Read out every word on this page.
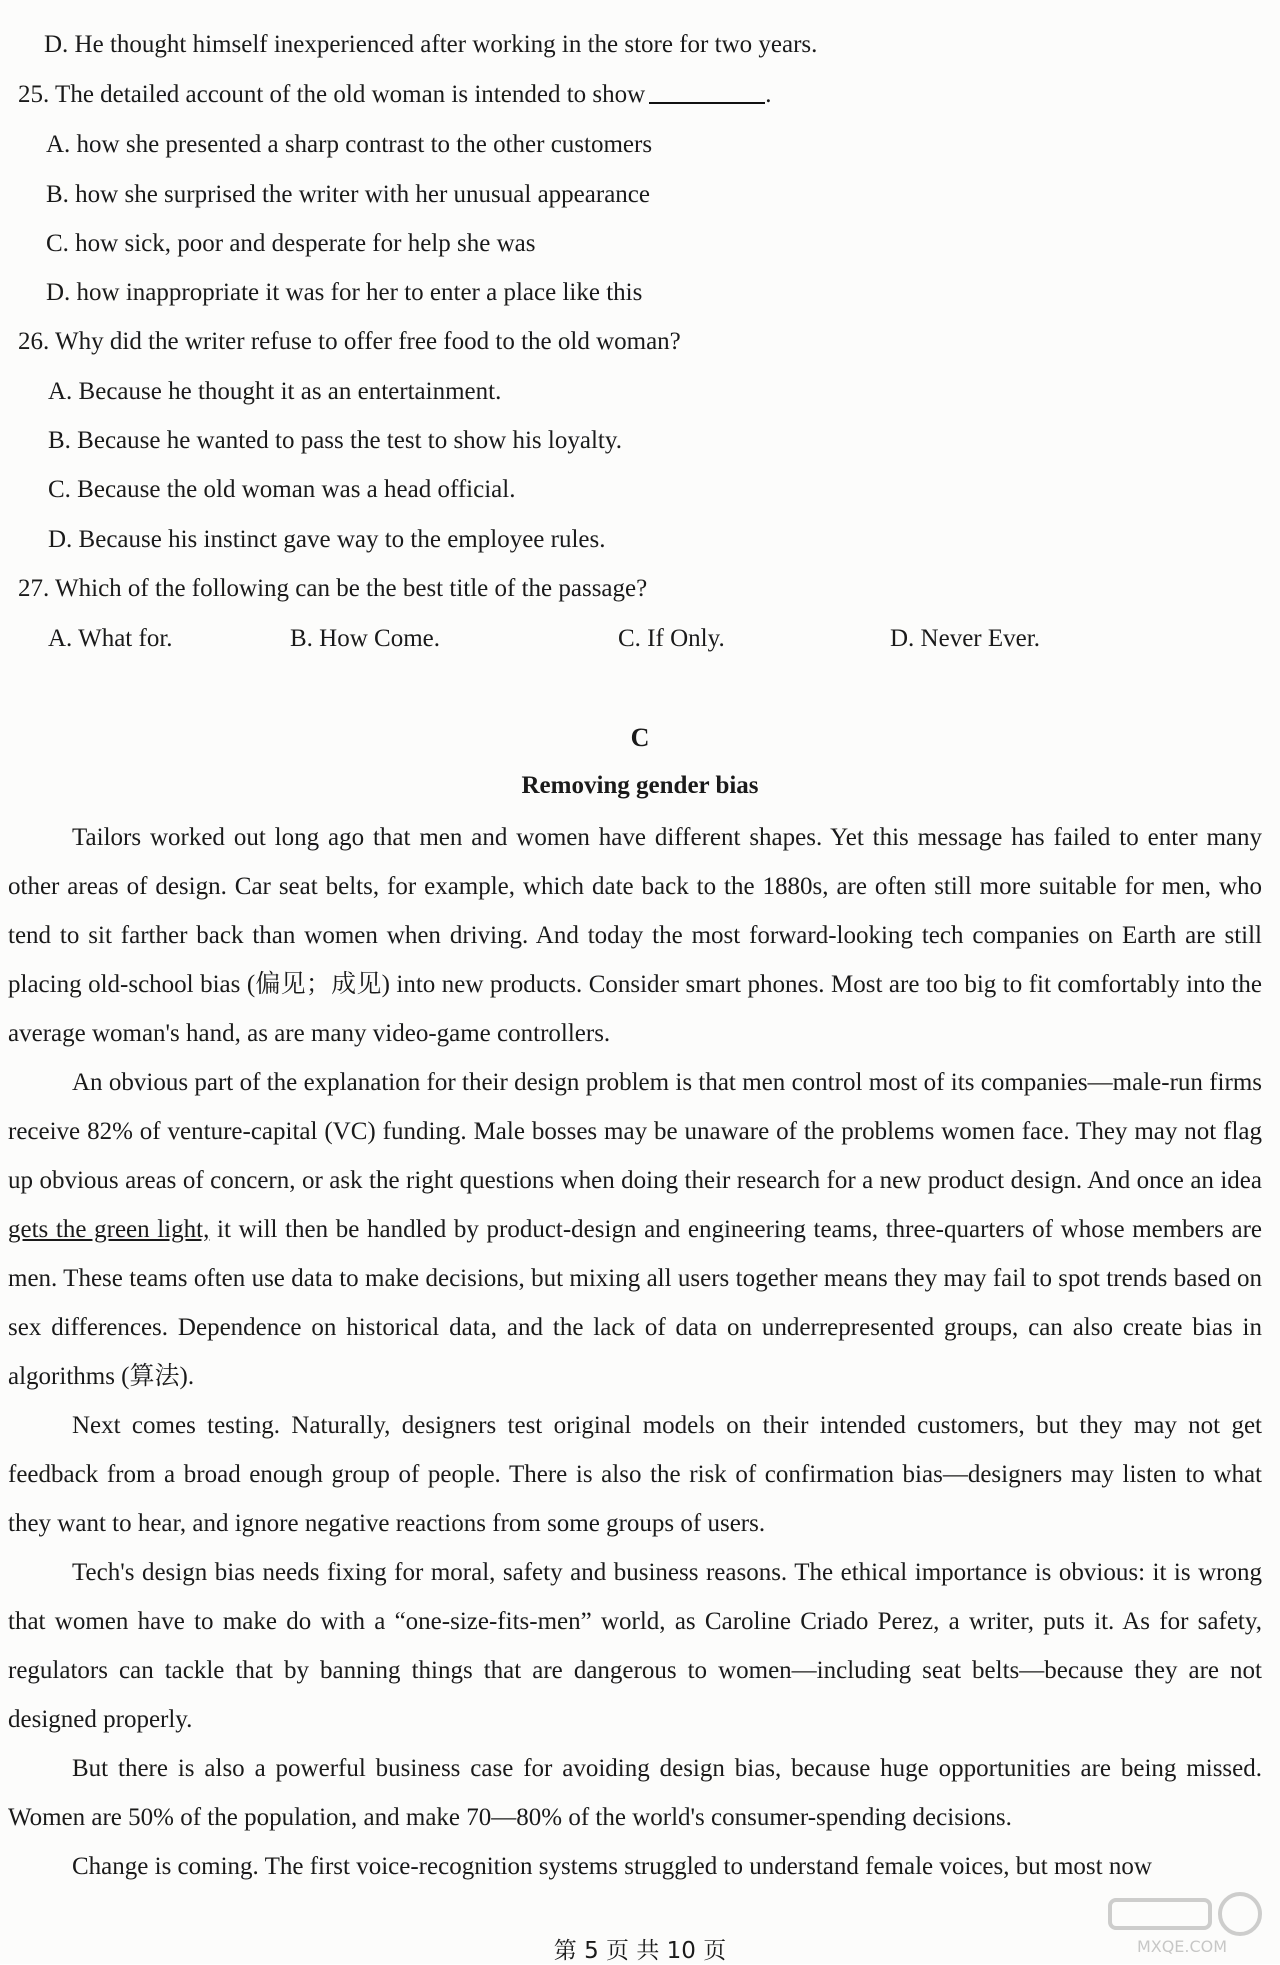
D. He thought himself inexperienced after working in the store for two years.
25. The detailed account of the old woman is intended to show	.
A. how she presented a sharp contrast to the other customers
B. how she surprised the writer with her unusual appearance
C. how sick, poor and desperate for help she was
D. how inappropriate it was for her to enter a place like this
26. Why did the writer refuse to offer free food to the old woman?
A. Because he thought it as an entertainment.
B. Because he wanted to pass the test to show his loyalty.
C. Because the old woman was a head official.
D. Because his instinct gave way to the employee rules.
27. Which of the following can be the best title of the passage?
A. What for.	B. How Come.	C. If Only.	D. Never Ever.
C
Removing gender bias
Tailors worked out long ago that men and women have different shapes. Yet this message has failed to enter many other areas of design. Car seat belts, for example, which date back to the 1880s, are often still more suitable for men, who tend to sit farther back than women when driving. And today the most forward-looking tech companies on Earth are still placing old-school bias (偏见；成见) into new products. Consider smart phones. Most are too big to fit comfortably into the average woman's hand, as are many video-game controllers.
An obvious part of the explanation for their design problem is that men control most of its companies—male-run firms receive 82% of venture-capital (VC) funding. Male bosses may be unaware of the problems women face. They may not flag up obvious areas of concern, or ask the right questions when doing their research for a new product design. And once an idea gets the green light, it will then be handled by product-design and engineering teams, three-quarters of whose members are men. These teams often use data to make decisions, but mixing all users together means they may fail to spot trends based on sex differences. Dependence on historical data, and the lack of data on underrepresented groups, can also create bias in algorithms (算法).
Next comes testing. Naturally, designers test original models on their intended customers, but they may not get feedback from a broad enough group of people. There is also the risk of confirmation bias—designers may listen to what they want to hear, and ignore negative reactions from some groups of users.
Tech's design bias needs fixing for moral, safety and business reasons. The ethical importance is obvious: it is wrong that women have to make do with a “one-size-fits-men” world, as Caroline Criado Perez, a writer, puts it. As for safety, regulators can tackle that by banning things that are dangerous to women—including seat belts—because they are not designed properly.
But there is also a powerful business case for avoiding design bias, because huge opportunities are being missed. Women are 50% of the population, and make 70—80% of the world's consumer-spending decisions.
Change is coming. The first voice-recognition systems struggled to understand female voices, but most now
第 5 页 共 10 页	MXQE.COM
